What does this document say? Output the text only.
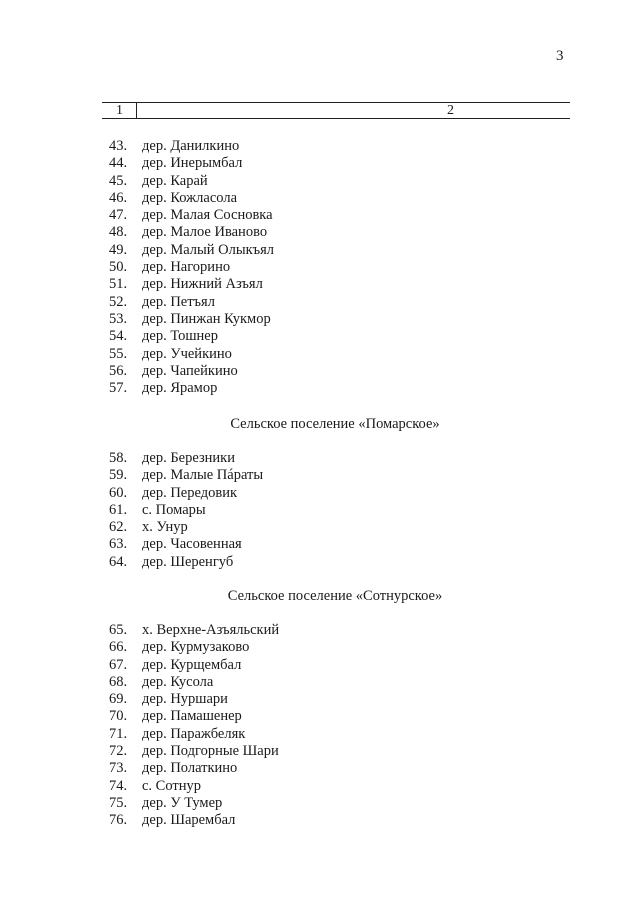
3
1	2
43. дер. Данилкино
44. дер. Инерымбал
45. дер. Карай
46. дер. Кожласола
47. дер. Малая Сосновка
48. дер. Малое Иваново
49. дер. Малый Олыкъял
50. дер. Нагорино
51. дер. Нижний Азъял
52. дер. Петъял
53. дер. Пинжан Кукмор
54. дер. Тошнер
55. дер. Учейкино
56. дер. Чапейкино
57. дер. Ярамор
Сельское поселение «Помарское»
58. дер. Березники
59. дер. Малые Пáраты
60. дер. Передовик
61. с. Помары
62. х. Унур
63. дер. Часовенная
64. дер. Шеренгуб
Сельское поселение «Сотнурское»
65. х. Верхне-Азъяльский
66. дер. Курмузаково
67. дер. Курщембал
68. дер. Кусола
69. дер. Нуршари
70. дер. Памашенер
71. дер. Паражбеляк
72. дер. Подгорные Шари
73. дер. Полаткино
74. с. Сотнур
75. дер. У Тумер
76. дер. Шарембал
